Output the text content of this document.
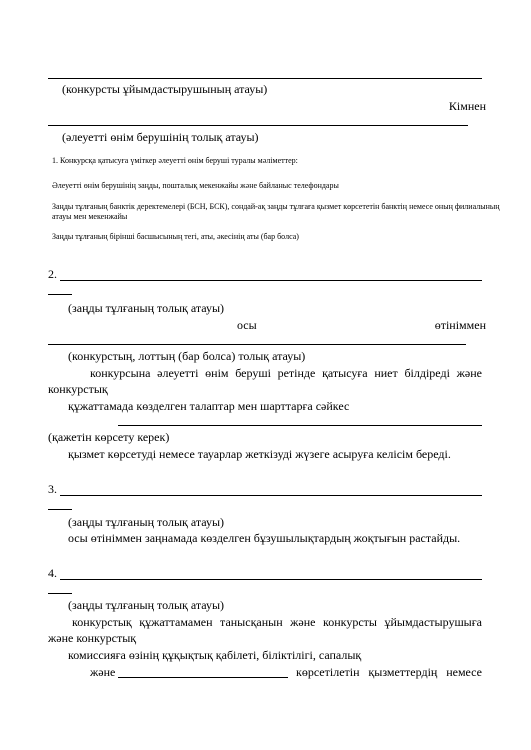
(конкурсты ұйымдастырушының атауы)
Кімнен
(әлеуетті өнім берушінің толық атауы)
1. Конкурсқа қатысуға үміткер әлеуетті өнім беруші туралы мәліметтер:
Әлеуетті өнім берушінің заңды, пошталық мекенжайы және байланыс телефондары
Заңды тұлғаның банктік деректемелері (БСН, БСК), сондай-ақ заңды тұлғаға қызмет көрсететін банктің немесе оның филиалының
атауы мен мекенжайы
Заңды тұлғаның бірінші басшысының тегі, аты, әкесінің аты (бар болса)
2.
(заңды тұлғаның толық атауы)
осы	өтініммен
(конкурстың, лоттың (бар болса) толық атауы)
конкурсына әлеуетті өнім беруші ретінде қатысуға ниет білдіреді және
конкурстық
құжаттамада көзделген талаптар мен шарттарға сәйкес
(қажетін көрсету керек)
қызмет көрсетуді немесе тауарлар жеткізуді жүзеге асыруға келісім береді.
3.
(заңды тұлғаның толық атауы)
осы өтініммен заңнамада көзделген бұзушылықтардың жоқтығын растайды.
4.
(заңды тұлғаның толық атауы)
конкурстық құжаттамамен танысқанын және конкурсты ұйымдастырушыға
және конкурстық
комиссияға өзінің құқықтық қабілеті, біліктілігі, сапалық
және	көрсетілетін қызметтердің немесе
